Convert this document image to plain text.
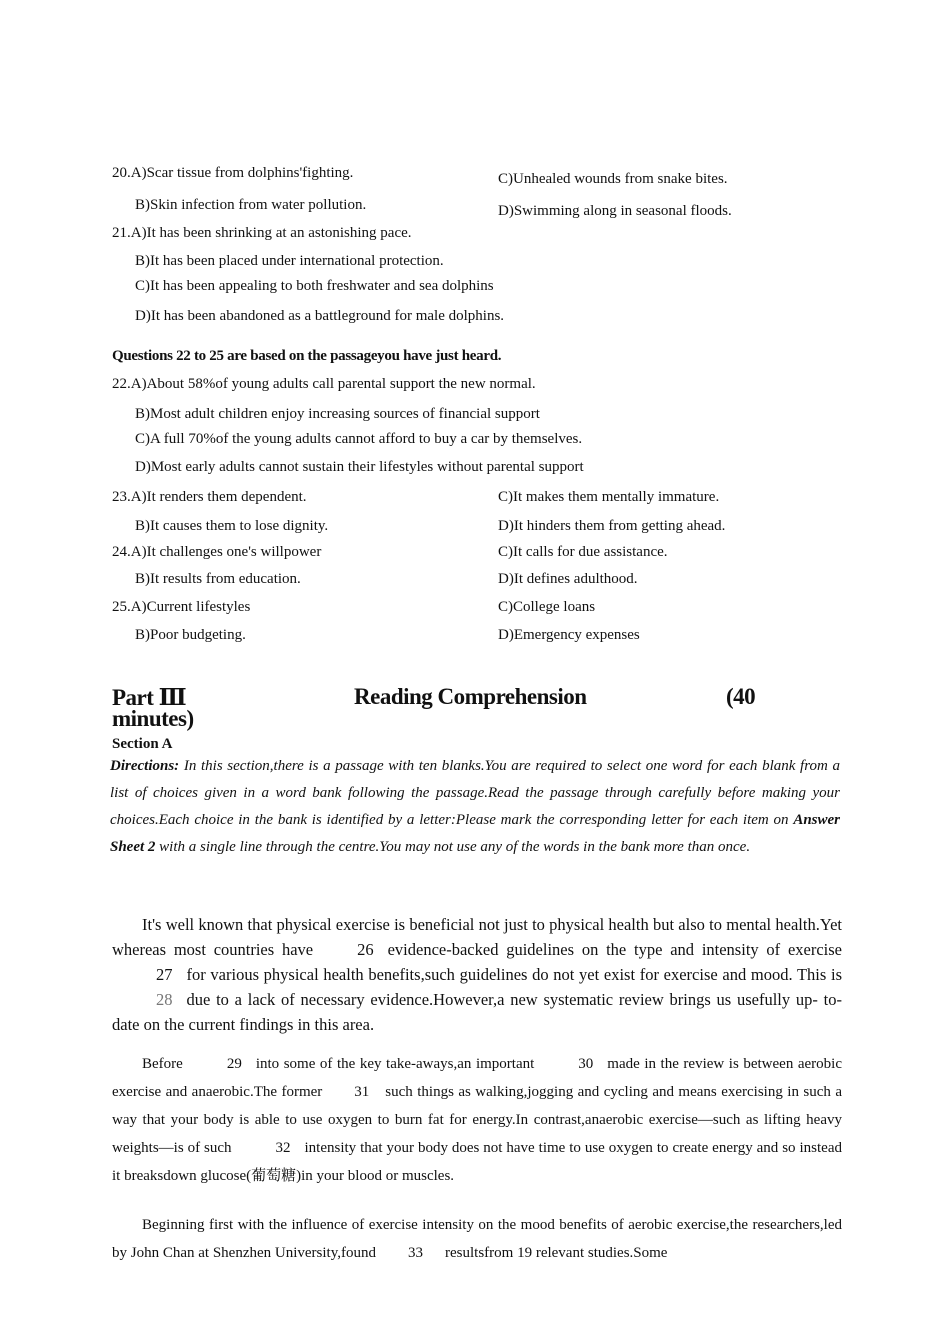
20.A)Scar tissue from dolphins'fighting.	C)Unhealed wounds from snake bites.
B)Skin infection from water pollution.	D)Swimming along in seasonal floods.
21.A)It has been shrinking at an astonishing pace.
B)It has been placed under international protection.
C)It has been appealing to both freshwater and sea dolphins
D)It has been abandoned as a battleground for male dolphins.
Questions 22 to 25 are based on the passageyou have just heard.
22.A)About 58%of young adults call parental support the new normal.
B)Most adult children enjoy increasing sources of financial support
C)A full 70%of the young adults cannot afford to buy a car by themselves.
D)Most early adults cannot sustain their lifestyles without parental support
23.A)It renders them dependent.	C)It makes them mentally immature.
B)It causes them to lose dignity.	D)It hinders them from getting ahead.
24.A)It challenges one's willpower	C)It calls for due assistance.
B)It results from education.	D)It defines adulthood.
25.A)Current lifestyles	C)College loans
B)Poor budgeting.	D)Emergency expenses
Part Ⅲ	Reading Comprehension	(40
minutes)
Section A
Directions: In this section,there is a passage with ten blanks.You are required to select one word for each blank from a list of choices given in a word bank following the passage.Read the passage through carefully before making your choices.Each choice in the bank is identified by a letter:Please mark the corresponding letter for each item on Answer Sheet 2 with a single line through the centre.You may not use any of the words in the bank more than once.
It's well known that physical exercise is beneficial not just to physical health but also to mental health.Yet whereas most countries have	26 evidence-backed guidelines on the type and intensity of exercise27 for various physical health benefits,such guidelines do not yet exist for exercise and mood. This is28 due to a lack of necessary evidence.However,a new systematic review brings us usefully up- to-date on the current findings in this area.
Before	29 into some of the key take-aways,an important	30 made in the review is between aerobic exercise and anaerobic.The former 31 such things as walking,jogging and cycling and means exercising in such a way that your body is able to use oxygen to burn fat for energy.In contrast,anaerobic exercise—such as lifting heavy weights—is of such	32 intensity that your body does not have time to use oxygen to create energy and so instead it breaksdown glucose(葡萄糖)in your blood or muscles.
Beginning first with the influence of exercise intensity on the mood benefits of aerobic exercise,the researchers,led by John Chan at Shenzhen University,found 33 resultsfrom 19 relevant studies.Some
